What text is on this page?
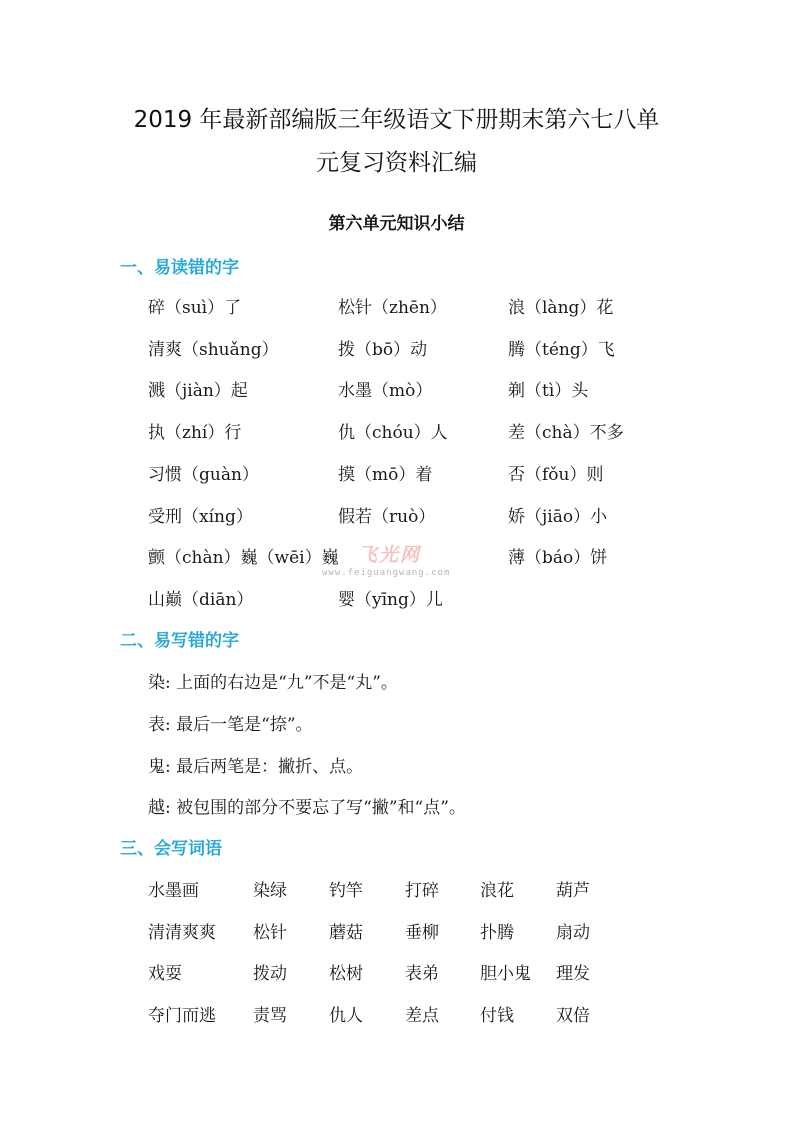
2019 年最新部编版三年级语文下册期末第六七八单
元复习资料汇编
第六单元知识小结
一、易读错的字
碎（suì）了	松针（zhēn）	浪（làng）花
清爽（shuǎng）	拨（bō）动	腾（téng）飞
溅（jiàn）起	水墨（mò）	剃（tì）头
执（zhí）行	仇（chóu）人	差（chà）不多
习惯（guàn）	摸（mō）着	否（fǒu）则
受刑（xíng）	假若（ruò）	娇（jiāo）小
颤（chàn）巍（wēi）巍	薄（báo）饼
山巅（diān）	婴（yīng）儿
飞光网
www.feiguangwang.com
二、易写错的字
染: 上面的右边是“九”不是“丸”。
表: 最后一笔是“捺”。
鬼: 最后两笔是：撇折、点。
越: 被包围的部分不要忘了写“撇”和“点”。
三、会写词语
水墨画	染绿 钓竿 打碎 浪花 葫芦
清清爽爽 松针 蘑菇 垂柳 扑腾 扇动
戏耍	拨动 松树 表弟 胆小鬼 理发
夺门而逃 责骂 仇人 差点 付钱 双倍
